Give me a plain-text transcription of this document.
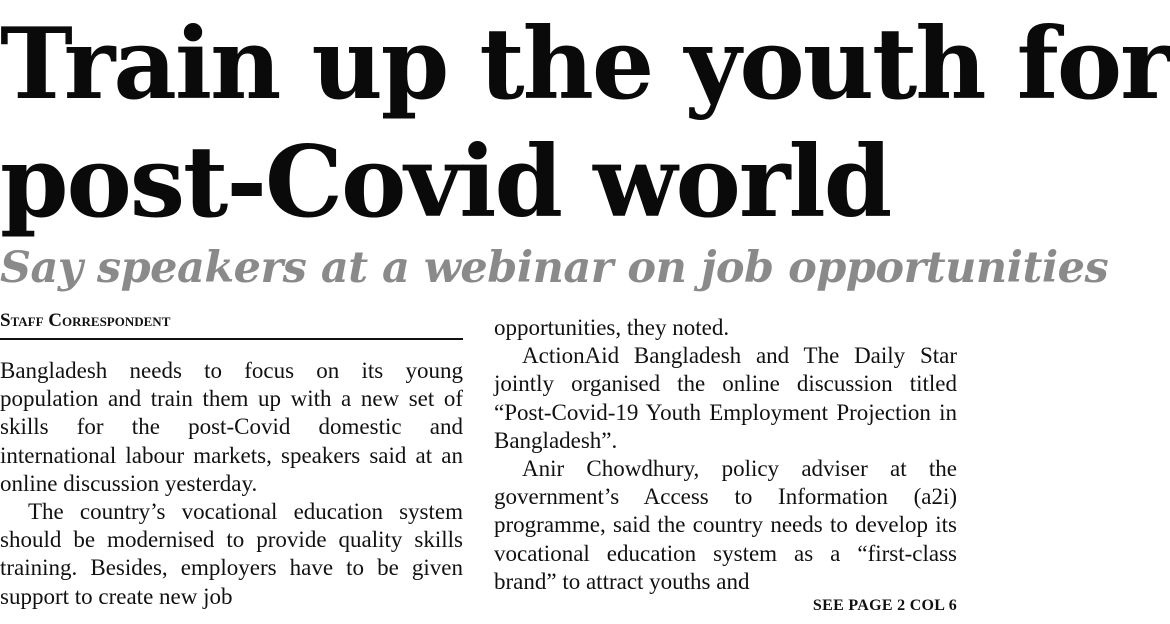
Train up the youth for
post-Covid world
Say speakers at a webinar on job opportunities
Staff Correspondent

Bangladesh needs to focus on its young population and train them up with a new set of skills for the post-Covid domestic and international labour markets, speakers said at an online discussion yesterday.

The country’s vocational education system should be modernised to provide quality skills training. Besides, employers have to be given support to create new job

opportunities, they noted.

ActionAid Bangladesh and The Daily Star jointly organised the online discussion titled “Post-Covid-19 Youth Employment Projection in Bangladesh”.

Anir Chowdhury, policy adviser at the government’s Access to Information (a2i) programme, said the country needs to develop its vocational education system as a “first-class brand” to attract youths and

SEE PAGE 2 COL 6
